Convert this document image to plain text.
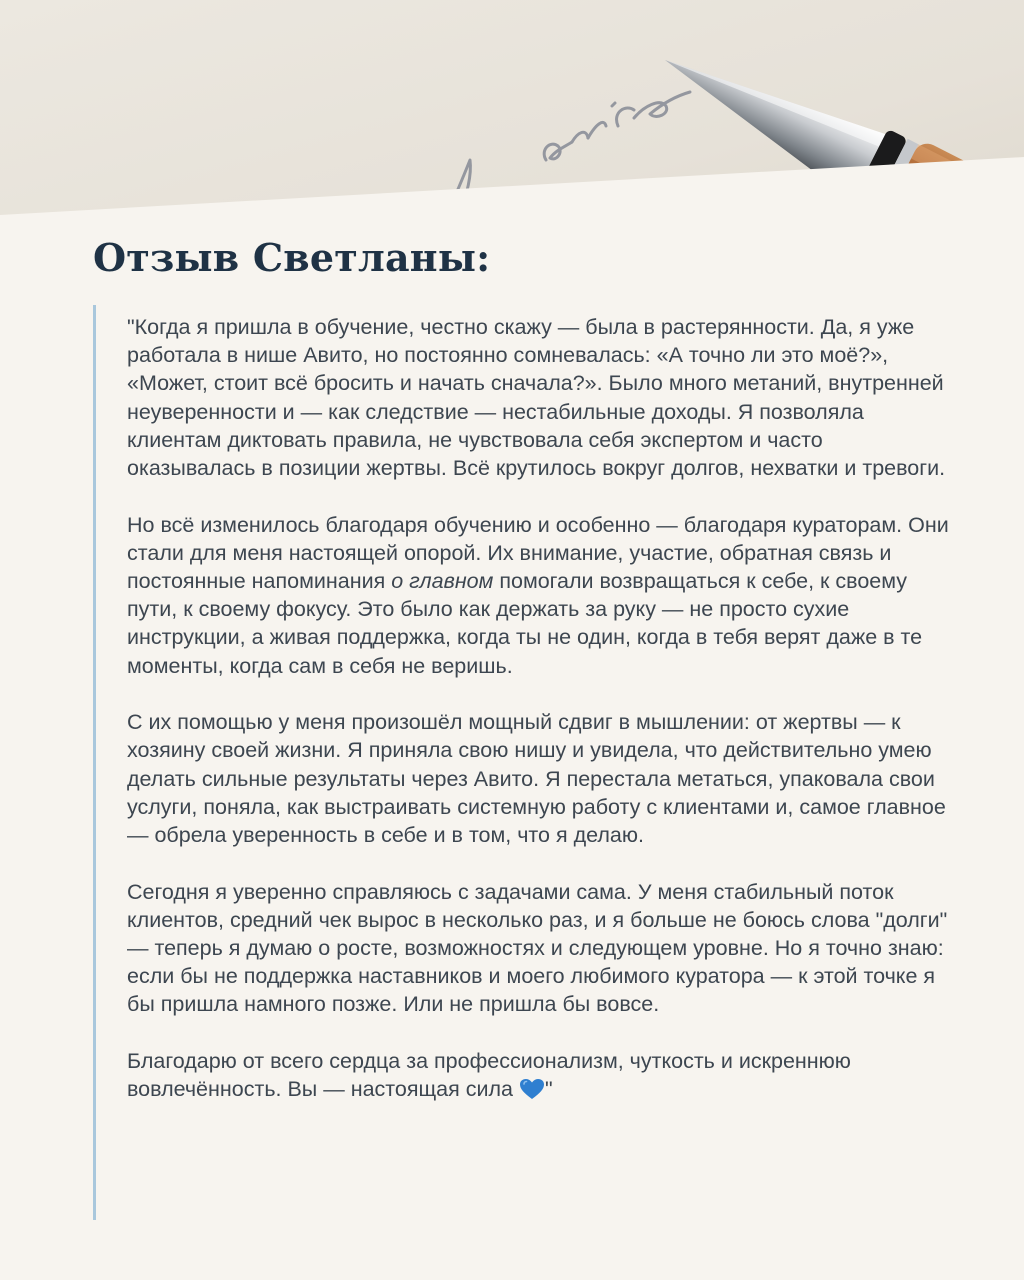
Отзыв Светланы:

"Когда я пришла в обучение, честно скажу — была в растерянности. Да, я уже работала в нише Авито, но постоянно сомневалась: «А точно ли это моё?», «Может, стоит всё бросить и начать сначала?». Было много метаний, внутренней неуверенности и — как следствие — нестабильные доходы. Я позволяла клиентам диктовать правила, не чувствовала себя экспертом и часто оказывалась в позиции жертвы. Всё крутилось вокруг долгов, нехватки и тревоги.

Но всё изменилось благодаря обучению и особенно — благодаря кураторам. Они стали для меня настоящей опорой. Их внимание, участие, обратная связь и постоянные напоминания о главном помогали возвращаться к себе, к своему пути, к своему фокусу. Это было как держать за руку — не просто сухие инструкции, а живая поддержка, когда ты не один, когда в тебя верят даже в те моменты, когда сам в себя не веришь.

С их помощью у меня произошёл мощный сдвиг в мышлении: от жертвы — к хозяину своей жизни. Я приняла свою нишу и увидела, что действительно умею делать сильные результаты через Авито. Я перестала метаться, упаковала свои услуги, поняла, как выстраивать системную работу с клиентами и, самое главное — обрела уверенность в себе и в том, что я делаю.

Сегодня я уверенно справляюсь с задачами сама. У меня стабильный поток клиентов, средний чек вырос в несколько раз, и я больше не боюсь слова "долги" — теперь я думаю о росте, возможностях и следующем уровне. Но я точно знаю: если бы не поддержка наставников и моего любимого куратора — к этой точке я бы пришла намного позже. Или не пришла бы вовсе.

Благодарю от всего сердца за профессионализм, чуткость и искреннюю вовлечённость. Вы — настоящая сила "
